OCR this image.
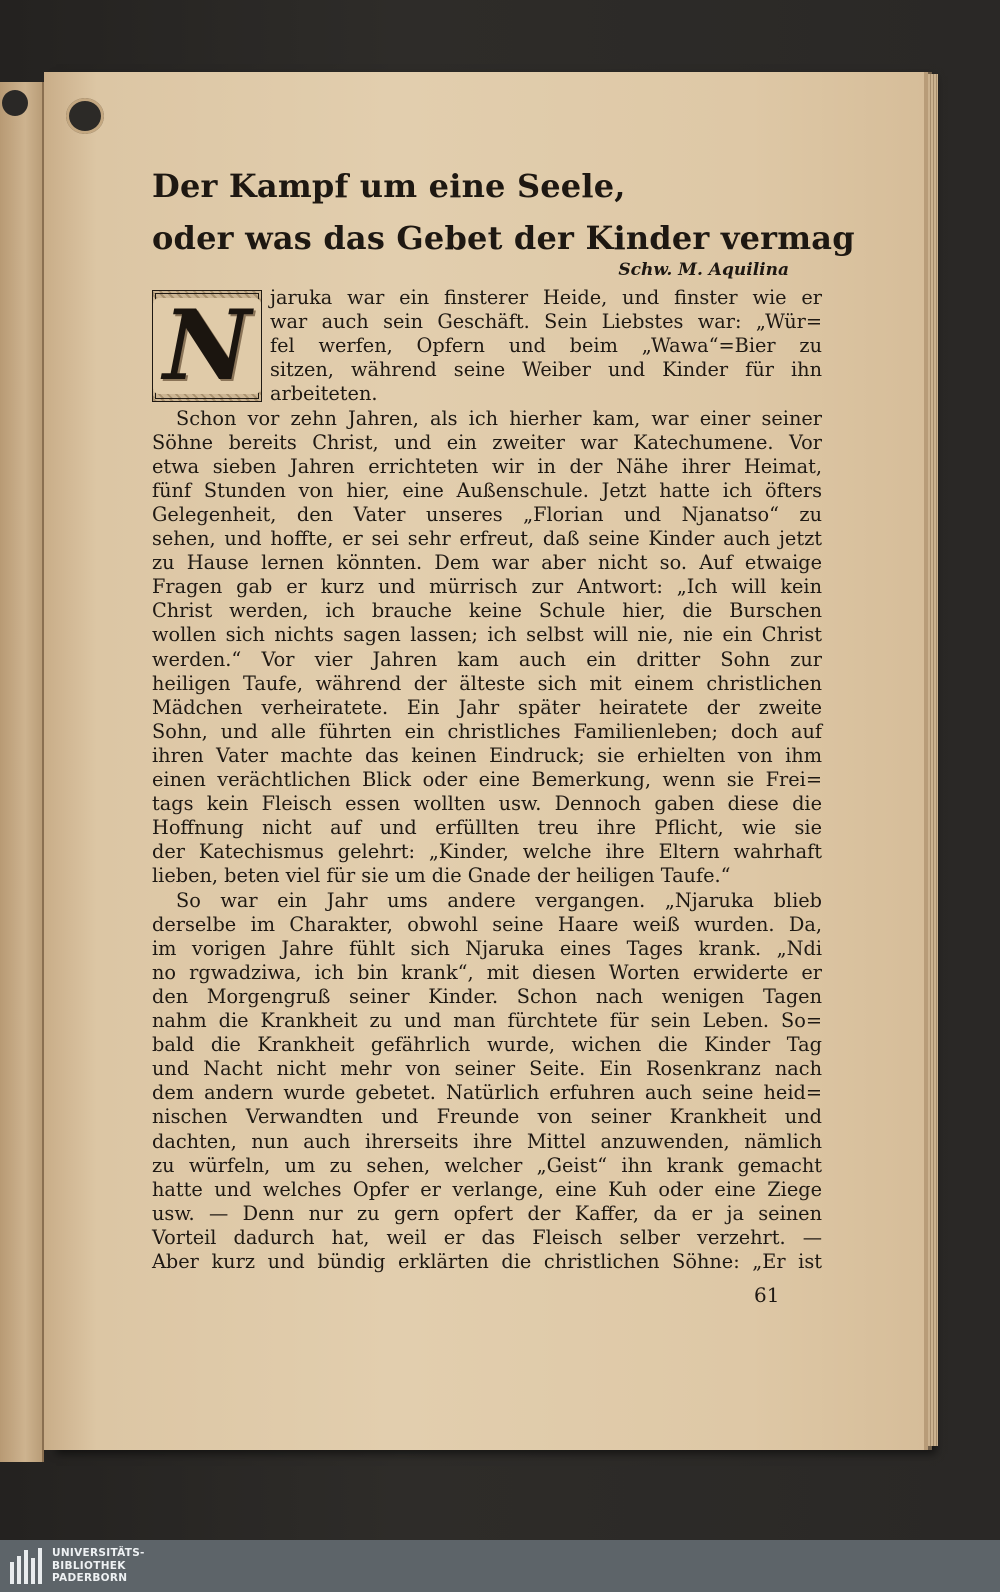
Der Kampf um eine Seele,
oder was das Gebet der Kinder vermag
Schw. M. Aquilina
N jaruka war ein finsterer Heide, und finster wie er
war auch sein Geschäft. Sein Liebstes war: „Wür=
fel werfen, Opfern und beim „Wawa“=Bier zu
sitzen, während seine Weiber und Kinder für ihn
arbeiteten.
Schon vor zehn Jahren, als ich hierher kam, war einer seiner
Söhne bereits Christ, und ein zweiter war Katechumene. Vor
etwa sieben Jahren errichteten wir in der Nähe ihrer Heimat,
fünf Stunden von hier, eine Außenschule. Jetzt hatte ich öfters
Gelegenheit, den Vater unseres „Florian und Njanatso“ zu
sehen, und hoffte, er sei sehr erfreut, daß seine Kinder auch jetzt
zu Hause lernen könnten. Dem war aber nicht so. Auf etwaige
Fragen gab er kurz und mürrisch zur Antwort: „Ich will kein
Christ werden, ich brauche keine Schule hier, die Burschen
wollen sich nichts sagen lassen; ich selbst will nie, nie ein Christ
werden.“ Vor vier Jahren kam auch ein dritter Sohn zur
heiligen Taufe, während der älteste sich mit einem christlichen
Mädchen verheiratete. Ein Jahr später heiratete der zweite
Sohn, und alle führten ein christliches Familienleben; doch auf
ihren Vater machte das keinen Eindruck; sie erhielten von ihm
einen verächtlichen Blick oder eine Bemerkung, wenn sie Frei=
tags kein Fleisch essen wollten usw. Dennoch gaben diese die
Hoffnung nicht auf und erfüllten treu ihre Pflicht, wie sie
der Katechismus gelehrt: „Kinder, welche ihre Eltern wahrhaft
lieben, beten viel für sie um die Gnade der heiligen Taufe.“
So war ein Jahr ums andere vergangen. „Njaruka blieb
derselbe im Charakter, obwohl seine Haare weiß wurden. Da,
im vorigen Jahre fühlt sich Njaruka eines Tages krank. „Ndi
no rgwadziwa, ich bin krank“, mit diesen Worten erwiderte er
den Morgengruß seiner Kinder. Schon nach wenigen Tagen
nahm die Krankheit zu und man fürchtete für sein Leben. So=
bald die Krankheit gefährlich wurde, wichen die Kinder Tag
und Nacht nicht mehr von seiner Seite. Ein Rosenkranz nach
dem andern wurde gebetet. Natürlich erfuhren auch seine heid=
nischen Verwandten und Freunde von seiner Krankheit und
dachten, nun auch ihrerseits ihre Mittel anzuwenden, nämlich
zu würfeln, um zu sehen, welcher „Geist“ ihn krank gemacht
hatte und welches Opfer er verlange, eine Kuh oder eine Ziege
usw. — Denn nur zu gern opfert der Kaffer, da er ja seinen
Vorteil dadurch hat, weil er das Fleisch selber verzehrt. —
Aber kurz und bündig erklärten die christlichen Söhne: „Er ist
61
UNIVERSITÄTS-
BIBLIOTHEK
PADERBORN
